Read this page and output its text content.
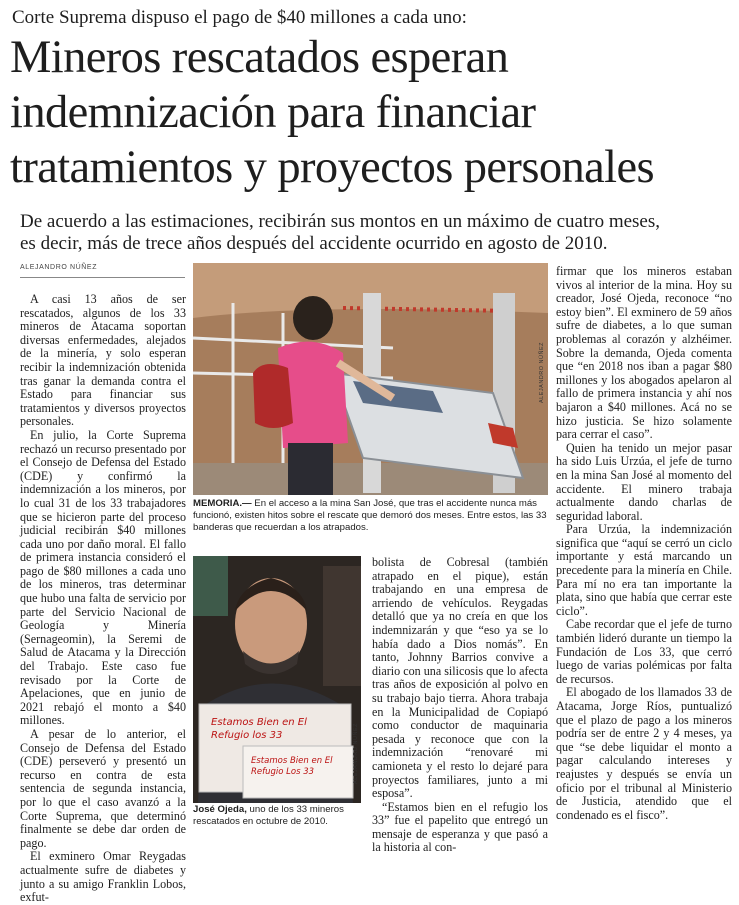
Corte Suprema dispuso el pago de $40 millones a cada uno:
Mineros rescatados esperan
indemnización para financiar
tratamientos y proyectos personales
De acuerdo a las estimaciones, recibirán sus montos en un máximo de cuatro meses,
es decir, más de trece años después del accidente ocurrido en agosto de 2010.
ALEJANDRO NÚÑEZ

A casi 13 años de ser rescatados, algunos de los 33 mineros de Atacama soportan diversas enfermedades, alejados de la minería, y solo esperan recibir la indemnización obtenida tras ganar la demanda contra el Estado para financiar sus tratamientos y diversos proyectos personales.

En julio, la Corte Suprema rechazó un recurso presentado por el Consejo de Defensa del Estado (CDE) y confirmó la indemnización a los mineros, por lo cual 31 de los 33 trabajadores que se hicieron parte del proceso judicial recibirán $40 millones cada uno por daño moral. El fallo de primera instancia consideró el pago de $80 millones a cada uno de los mineros, tras determinar que hubo una falta de servicio por parte del Servicio Nacional de Geología y Minería (Sernageomin), la Seremi de Salud de Atacama y la Dirección del Trabajo. Este caso fue revisado por la Corte de Apelaciones, que en junio de 2021 rebajó el monto a $40 millones.

A pesar de lo anterior, el Consejo de Defensa del Estado (CDE) perseveró y presentó un recurso en contra de esta sentencia de segunda instancia, por lo que el caso avanzó a la Corte Suprema, que determinó finalmente se debe dar orden de pago.

El exminero Omar Reygadas actualmente sufre de diabetes y junto a su amigo Franklin Lobos, exfut-

ALEJANDRO NÚÑEZ
MEMORIA.— En el acceso a la mina San José, que tras el accidente nunca más funcionó, existen hitos sobre el rescate que demoró dos meses. Entre estos, las 33 banderas que recuerdan a los atrapados.
Estamos Bien en El Refugio los 33
Estamos Bien en El Refugio Los 33	ALEJANDRO NÚÑEZ
José Ojeda, uno de los 33 mineros rescatados en octubre de 2010.

bolista de Cobresal (también atrapado en el pique), están trabajando en una empresa de arriendo de vehículos. Reygadas detalló que ya no creía en que los indemnizarán y que “eso ya se lo había dado a Dios nomás”. En tanto, Johnny Barrios convive a diario con una silicosis que lo afecta tras años de exposición al polvo en su trabajo bajo tierra. Ahora trabaja en la Municipalidad de Copiapó como conductor de maquinaria pesada y reconoce que con la indemnización “renovaré mi camioneta y el resto lo dejaré para proyectos familiares, junto a mi esposa”.

“Estamos bien en el refugio los 33” fue el papelito que entregó un mensaje de esperanza y que pasó a la historia al con-

firmar que los mineros estaban vivos al interior de la mina. Hoy su creador, José Ojeda, reconoce “no estoy bien”. El exminero de 59 años sufre de diabetes, a lo que suman problemas al corazón y alzhéimer. Sobre la demanda, Ojeda comenta que “en 2018 nos iban a pagar $80 millones y los abogados apelaron al fallo de primera instancia y ahí nos bajaron a $40 millones. Acá no se hizo justicia. Se hizo solamente para cerrar el caso”.

Quien ha tenido un mejor pasar ha sido Luis Urzúa, el jefe de turno en la mina San José al momento del accidente. El minero trabaja actualmente dando charlas de seguridad laboral.

Para Urzúa, la indemnización significa que “aquí se cerró un ciclo importante y está marcando un precedente para la minería en Chile. Para mí no era tan importante la plata, sino que había que cerrar este ciclo”.

Cabe recordar que el jefe de turno también lideró durante un tiempo la Fundación de Los 33, que cerró luego de varias polémicas por falta de recursos.

El abogado de los llamados 33 de Atacama, Jorge Ríos, puntualizó que el plazo de pago a los mineros podría ser de entre 2 y 4 meses, ya que “se debe liquidar el monto a pagar calculando intereses y reajustes y después se envía un oficio por el tribunal al Ministerio de Justicia, atendido que el condenado es el fisco”.
